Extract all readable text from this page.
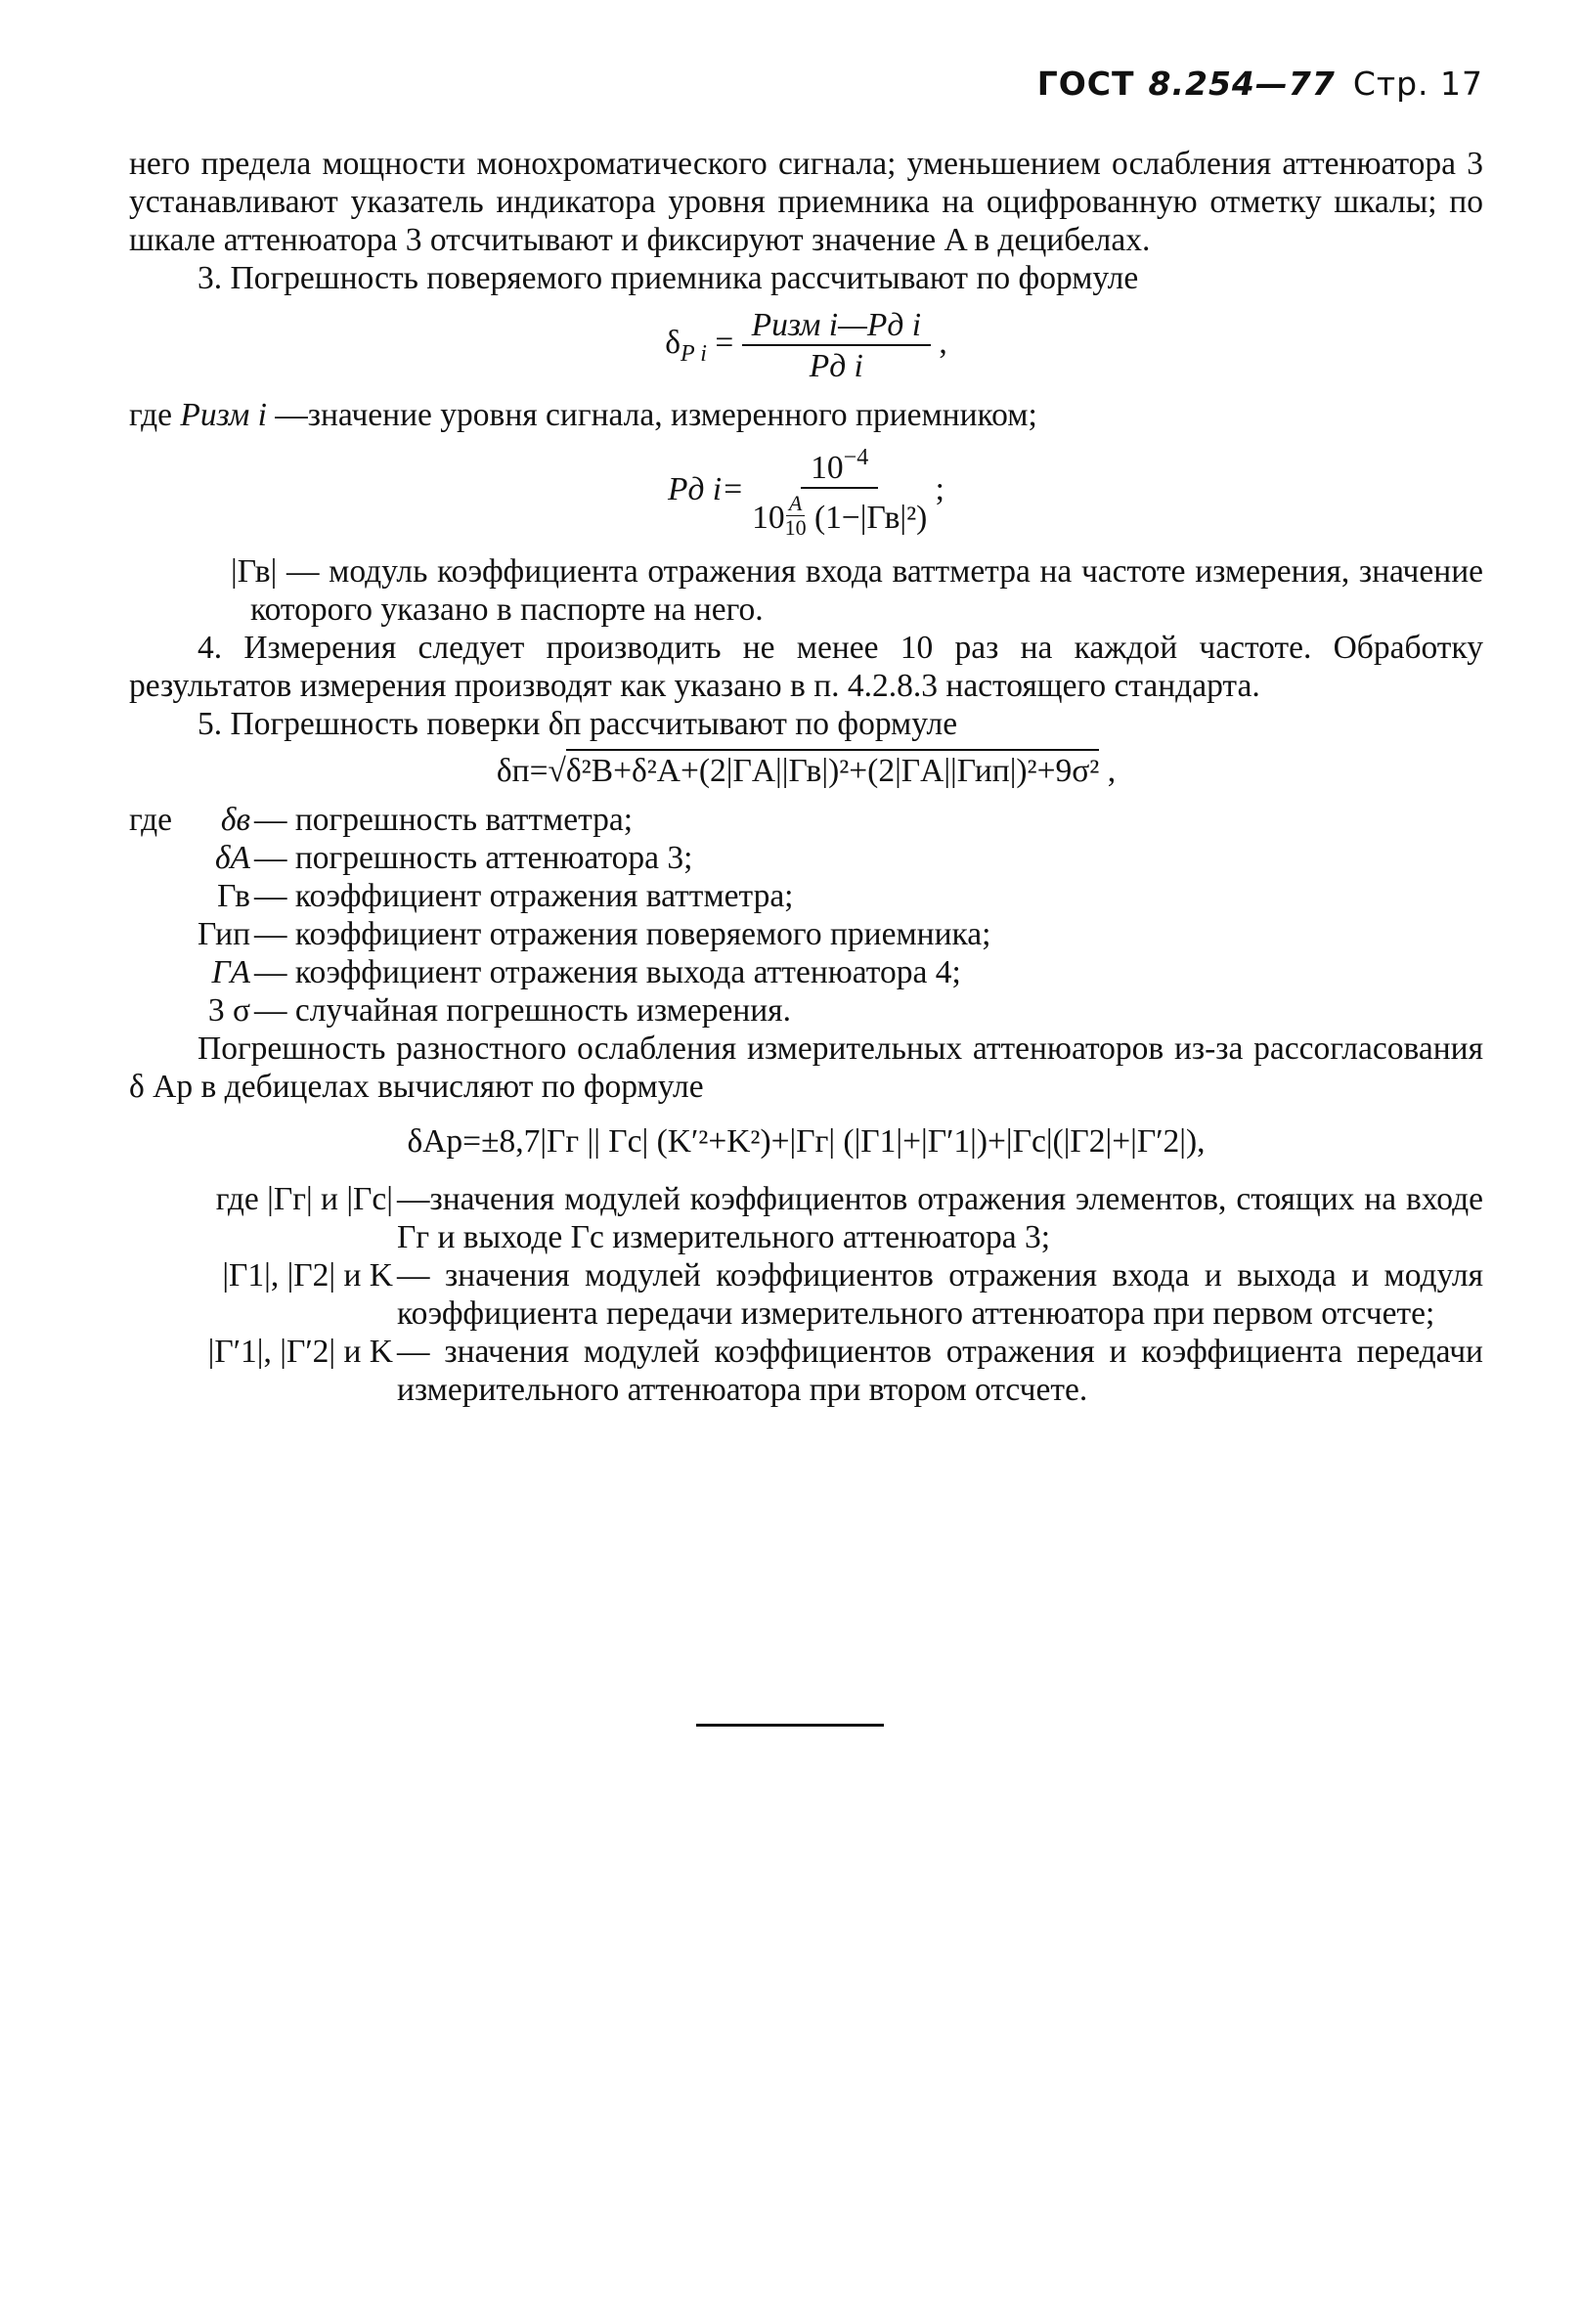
ГОСТ 8.254—77 Стр. 17

него предела мощности монохроматического сигнала; уменьшением ослабления аттенюатора 3 устанавливают указатель индикатора уровня приемника на оцифрованную отметку шкалы; по шкале аттенюатора 3 отсчитывают и фиксируют значение A в децибелах.

3. Погрешность поверяемого приемника рассчитывают по формуле

$\delta_{P i} = \frac{\text{Pизм i—Pд i}}{\text{Pд i}}$ ,

где Pизм i —значение уровня сигнала, измеренного приемником;

Pд $i= \frac{10^{-4}}{10 \frac{A}{10} (1-|Гв|^2)}$ ;

|Гв| — модуль коэффициента отражения входа ваттметра на частоте измерения, значение которого указано в паспорте на него.

4. Измерения следует производить не менее 10 раз на каждой частоте. Обработку результатов измерения производят как указано в п. 4.2.8.3 настоящего стандарта.

5. Погрешность поверки δп рассчитывают по формуле

δп=√δ²В+δ²А+(2|ГA||Гв|)²+(2|ГA||Гип|)²+9σ² ,
где	δв	— погрешность ваттметра;
	δA	— погрешность аттенюатора 3;
	Гв	— коэффициент отражения ваттметра;
	Гип	— коэффициент отражения поверяемого приемника;
	ГA	— коэффициент отражения выхода аттенюатора 4;
	3 σ	— случайная погрешность измерения.

Погрешность разностного ослабления измерительных аттенюаторов из-за рассогласования δ Aр в дебицелах вычисляют по формуле

δAр=±8,7|Гг || Гс| (K′²+K²)+|Гг| (|Г1|+|Г′1|)+|Гс|(|Г2|+|Г′2|),
где |Гг| и |Гс|	—значения модулей коэффициентов отражения элементов, стоящих на входе Гг и выходе Гс измерительного аттенюатора 3;
|Г1|, |Г2| и K	— значения модулей коэффициентов отражения входа и выхода и модуля коэффициента передачи измерительного аттенюатора при первом отсчете;
|Г′1|, |Г′2| и K	— значения модулей коэффициентов отражения и коэффициента передачи измерительного аттенюатора при втором отсчете.
